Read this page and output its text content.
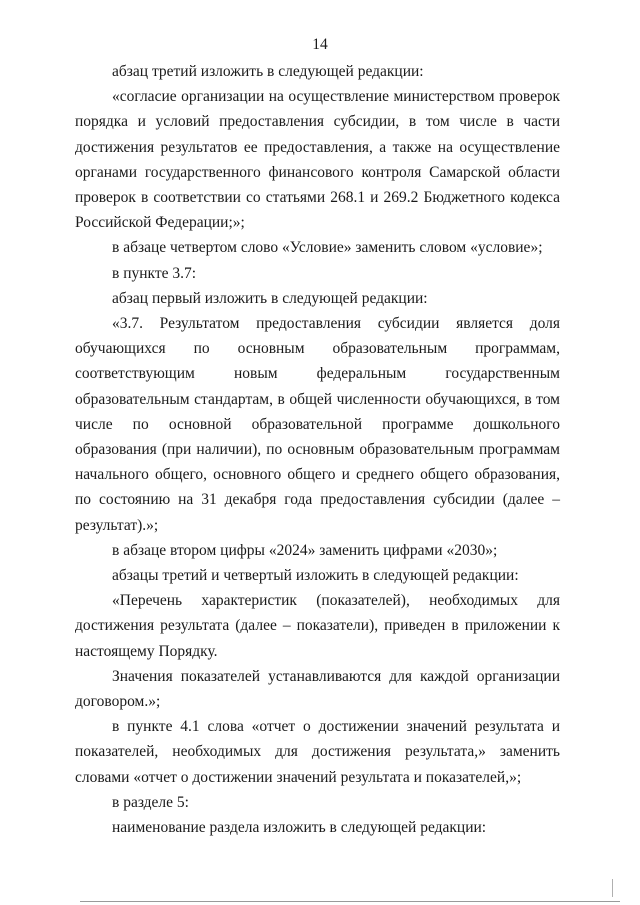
14

абзац третий изложить в следующей редакции:

«согласие организации на осуществление министерством проверок порядка и условий предоставления субсидии, в том числе в части достижения результатов ее предоставления, а также на осуществление органами государственного финансового контроля Самарской области проверок в соответствии со статьями 268.1 и 269.2 Бюджетного кодекса Российской Федерации;»;

в абзаце четвертом слово «Условие» заменить словом «условие»;

в пункте 3.7:

абзац первый изложить в следующей редакции:

«3.7. Результатом предоставления субсидии является доля обучающихся по основным образовательным программам, соответствующим новым федеральным государственным образовательным стандартам, в общей численности обучающихся, в том числе по основной образовательной программе дошкольного образования (при наличии), по основным образовательным программам начального общего, основного общего и среднего общего образования, по состоянию на 31 декабря года предоставления субсидии (далее – результат).»;

в абзаце втором цифры «2024» заменить цифрами «2030»;

абзацы третий и четвертый изложить в следующей редакции:

«Перечень характеристик (показателей), необходимых для достижения результата (далее – показатели), приведен в приложении к настоящему Порядку.

Значения показателей устанавливаются для каждой организации договором.»;

в пункте 4.1 слова «отчет о достижении значений результата и показателей, необходимых для достижения результата,» заменить словами «отчет о достижении значений результата и показателей,»;

в разделе 5:

наименование раздела изложить в следующей редакции:
